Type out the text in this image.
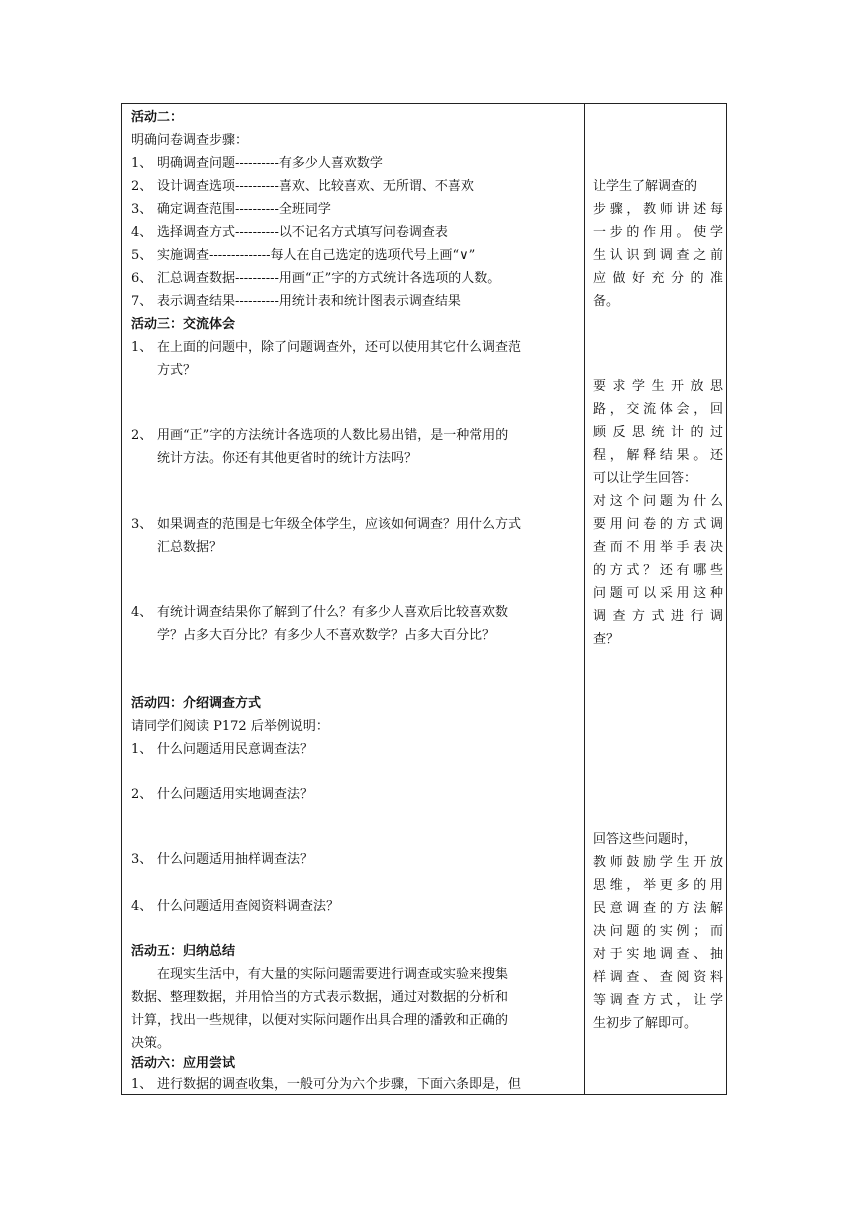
活动二：
明确问卷调查步骤：
1、 明确调查问题----------有多少人喜欢数学
2、 设计调查选项----------喜欢、比较喜欢、无所谓、不喜欢
3、 确定调查范围----------全班同学
4、 选择调查方式----------以不记名方式填写问卷调查表
5、 实施调查--------------每人在自己选定的选项代号上画“∨”
6、 汇总调查数据----------用画“正”字的方式统计各选项的人数。
7、 表示调查结果----------用统计表和统计图表示调查结果
活动三：交流体会
1、 在上面的问题中，除了问题调查外，还可以使用其它什么调查范
方式？
2、 用画“正”字的方法统计各选项的人数比易出错，是一种常用的
统计方法。你还有其他更省时的统计方法吗？
3、 如果调查的范围是七年级全体学生，应该如何调查？用什么方式
汇总数据？
4、 有统计调查结果你了解到了什么？有多少人喜欢后比较喜欢数
学？占多大百分比？有多少人不喜欢数学？占多大百分比？
活动四：介绍调查方式
请同学们阅读 P172 后举例说明：
1、 什么问题适用民意调查法？
2、 什么问题适用实地调查法？
3、 什么问题适用抽样调查法？
4、 什么问题适用查阅资料调查法？
活动五：归纳总结
　　在现实生活中，有大量的实际问题需要进行调查或实验来搜集
数据、整理数据，并用恰当的方式表示数据，通过对数据的分析和
计算，找出一些规律，以便对实际问题作出具合理的潘敦和正确的
决策。
活动六：应用尝试
1、 进行数据的调查收集，一般可分为六个步骤，下面六条即是，但
让学生了解调查的
步骤，教师讲述每
一步的作用。使学
生认识到调查之前
应做好充分的准
备。
要求学生开放思
路，交流体会，回
顾反思统计的过
程，解释结果。还
可以让学生回答：
对这个问题为什么
要用问卷的方式调
查而不用举手表决
的方式？还有哪些
问题可以采用这种
调查方式进行调
查？
回答这些问题时，
教师鼓励学生开放
思维，举更多的用
民意调查的方法解
决问题的实例；而
对于实地调查、抽
样调查、查阅资料
等调查方式，让学
生初步了解即可。
